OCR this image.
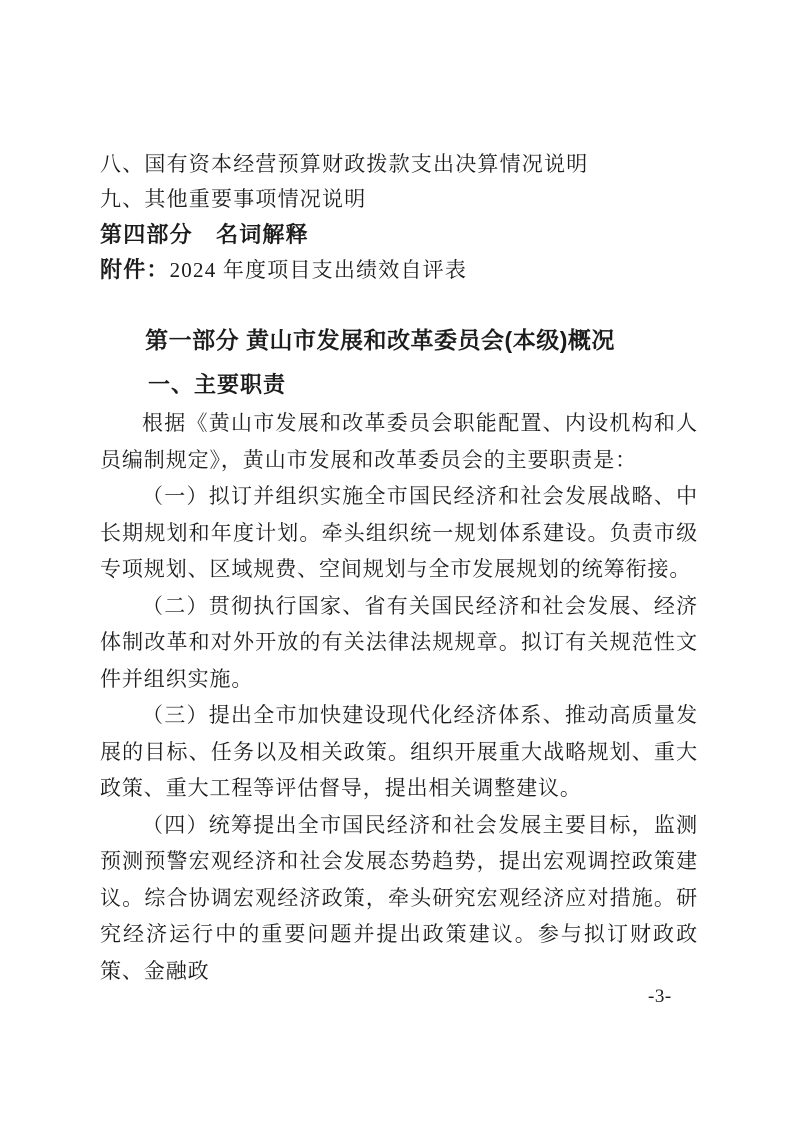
八、国有资本经营预算财政拨款支出决算情况说明
九、其他重要事项情况说明
第四部分　名词解释
附件：2024 年度项目支出绩效自评表
第一部分 黄山市发展和改革委员会(本级)概况
一、主要职责

根据《黄山市发展和改革委员会职能配置、内设机构和人员编制规定》，黄山市发展和改革委员会的主要职责是：

（一）拟订并组织实施全市国民经济和社会发展战略、中长期规划和年度计划。牵头组织统一规划体系建设。负责市级专项规划、区域规费、空间规划与全市发展规划的统筹衔接。

（二）贯彻执行国家、省有关国民经济和社会发展、经济体制改革和对外开放的有关法律法规规章。拟订有关规范性文件并组织实施。

（三）提出全市加快建设现代化经济体系、推动高质量发展的目标、任务以及相关政策。组织开展重大战略规划、重大政策、重大工程等评估督导，提出相关调整建议。

（四）统筹提出全市国民经济和社会发展主要目标，监测预测预警宏观经济和社会发展态势趋势，提出宏观调控政策建议。综合协调宏观经济政策，牵头研究宏观经济应对措施。研究经济运行中的重要问题并提出政策建议。参与拟订财政政策、金融政

-3-
